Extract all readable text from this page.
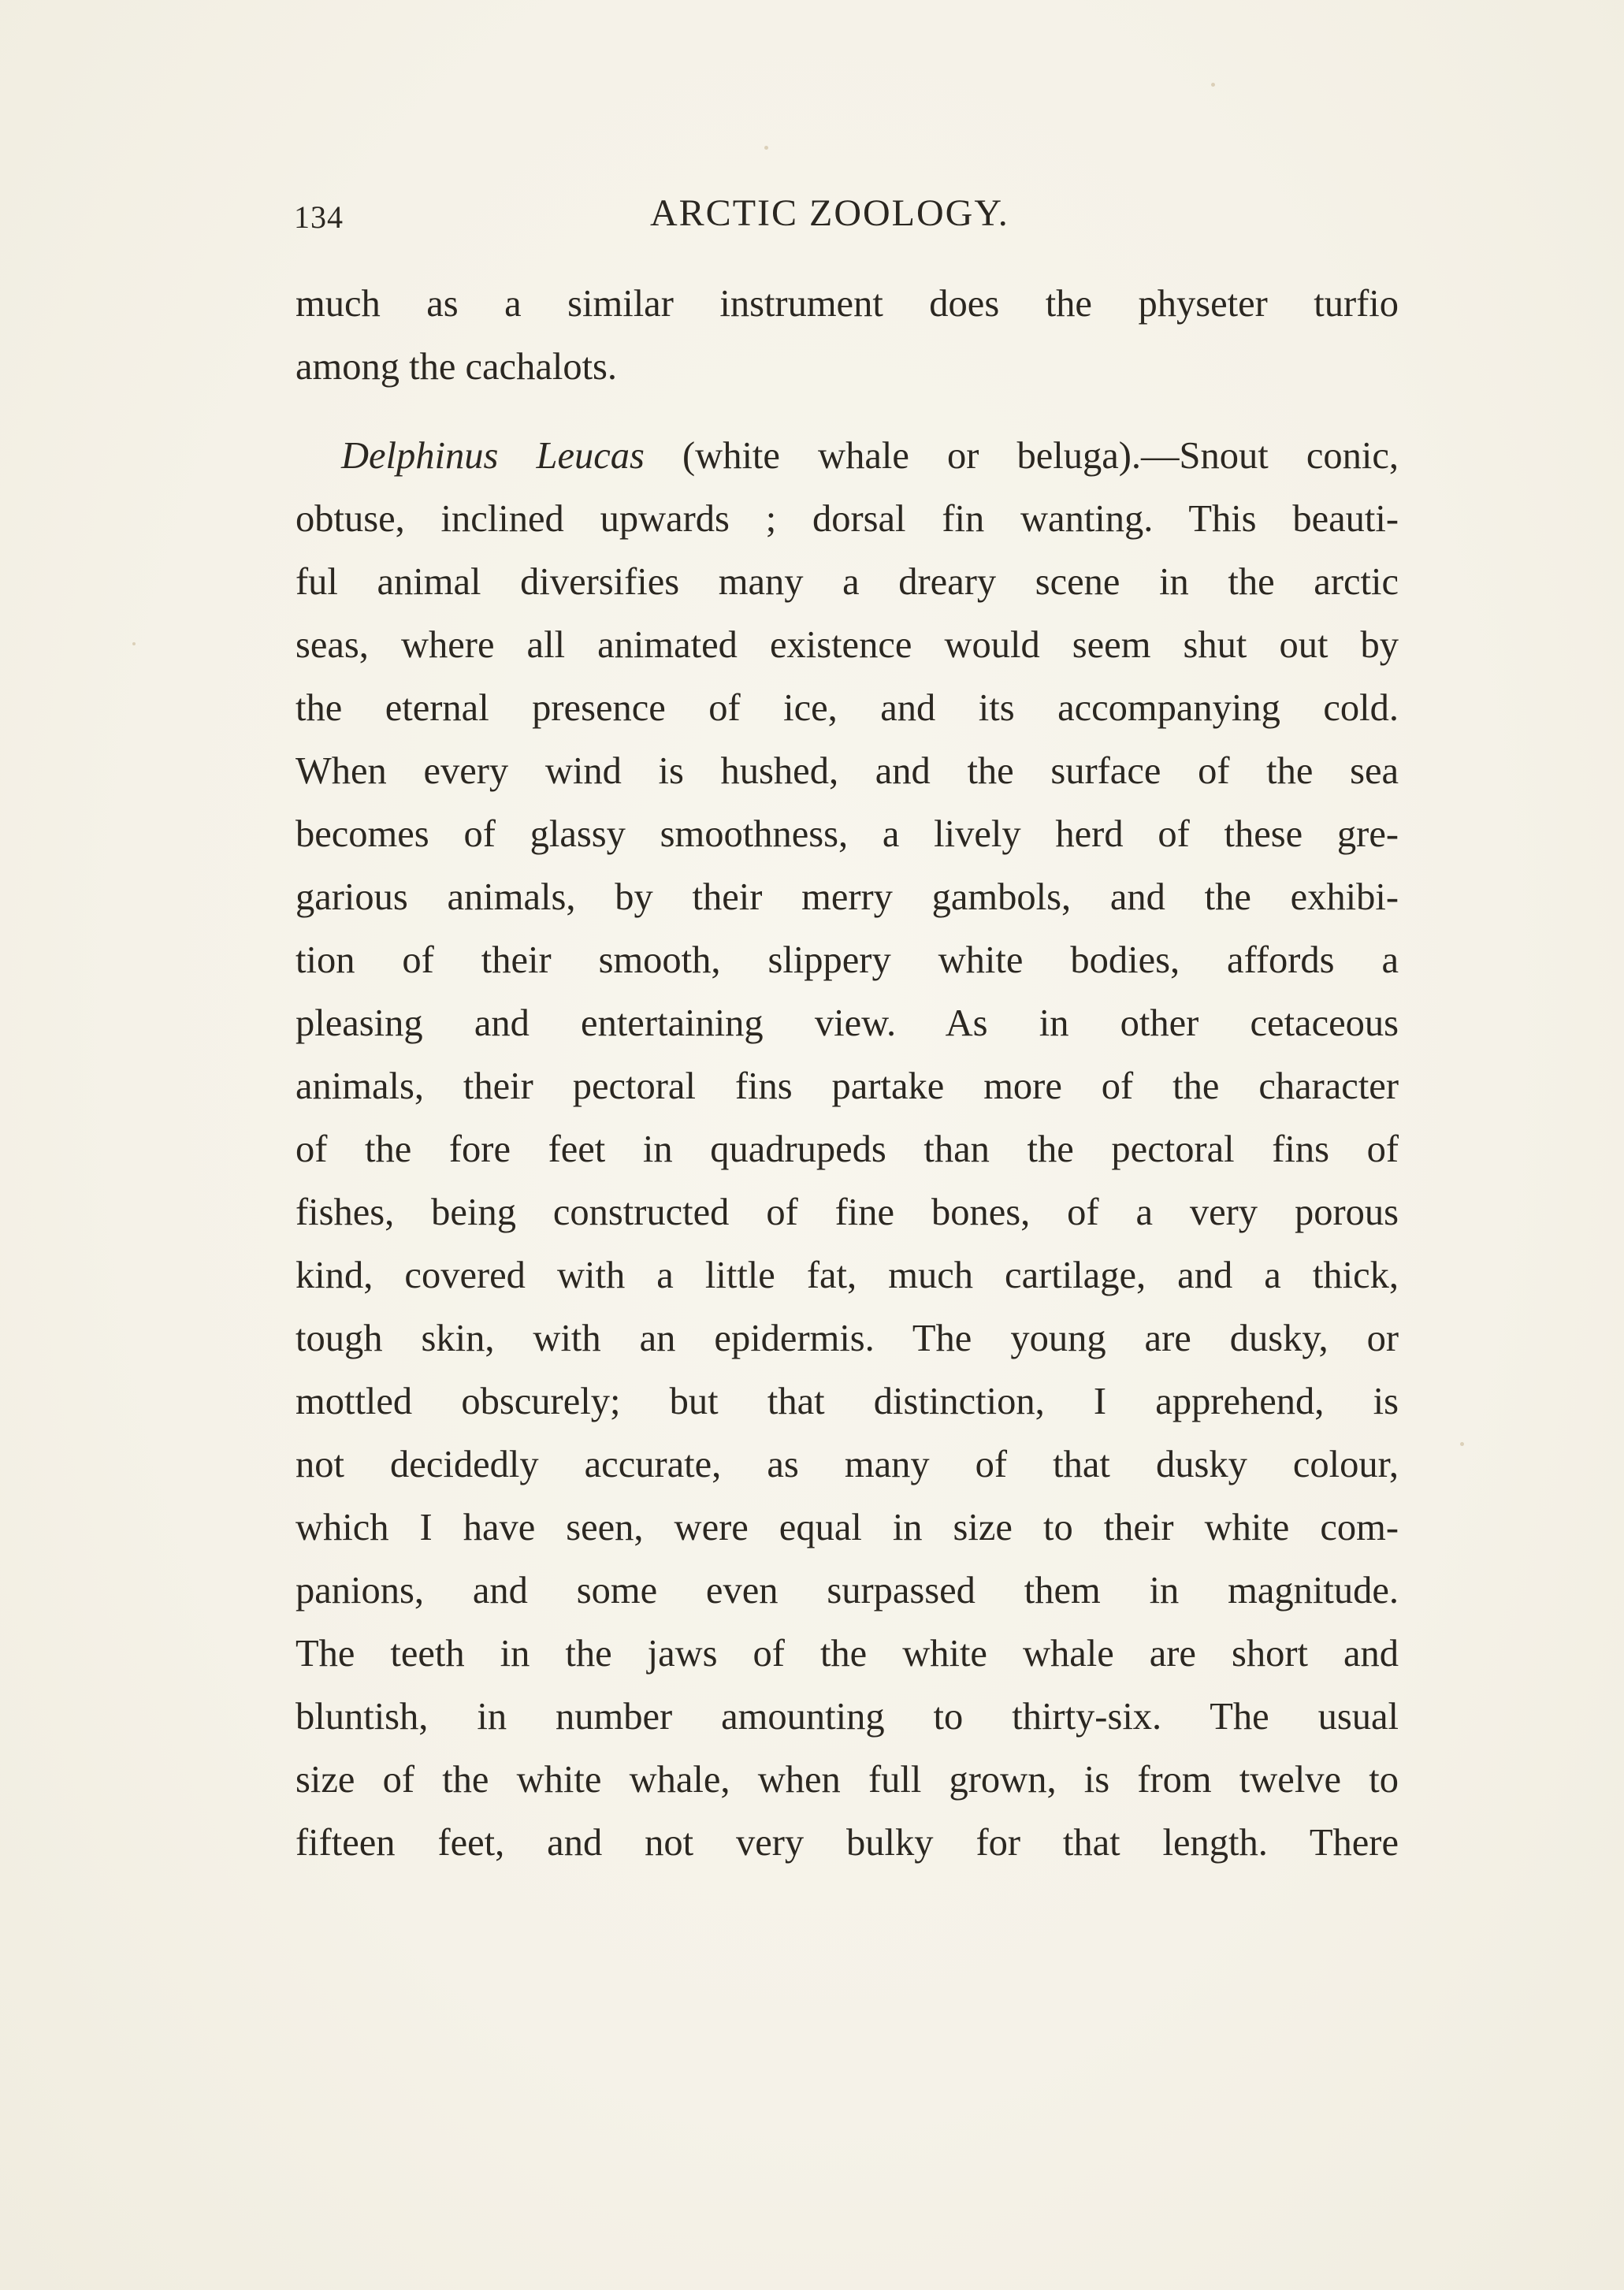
134	ARCTIC ZOOLOGY.
much as a similar instrument does the physeter turfio
among the cachalots.
Delphinus Leucas (white whale or beluga).—Snout conic,
obtuse, inclined upwards ; dorsal fin wanting. This beauti-
ful animal diversifies many a dreary scene in the arctic
seas, where all animated existence would seem shut out by
the eternal presence of ice, and its accompanying cold.
When every wind is hushed, and the surface of the sea
becomes of glassy smoothness, a lively herd of these gre-
garious animals, by their merry gambols, and the exhibi-
tion of their smooth, slippery white bodies, affords a
pleasing and entertaining view. As in other cetaceous
animals, their pectoral fins partake more of the character
of the fore feet in quadrupeds than the pectoral fins of
fishes, being constructed of fine bones, of a very porous
kind, covered with a little fat, much cartilage, and a thick,
tough skin, with an epidermis. The young are dusky, or
mottled obscurely; but that distinction, I apprehend, is
not decidedly accurate, as many of that dusky colour,
which I have seen, were equal in size to their white com-
panions, and some even surpassed them in magnitude.
The teeth in the jaws of the white whale are short and
bluntish, in number amounting to thirty-six. The usual
size of the white whale, when full grown, is from twelve to
fifteen feet, and not very bulky for that length. There
